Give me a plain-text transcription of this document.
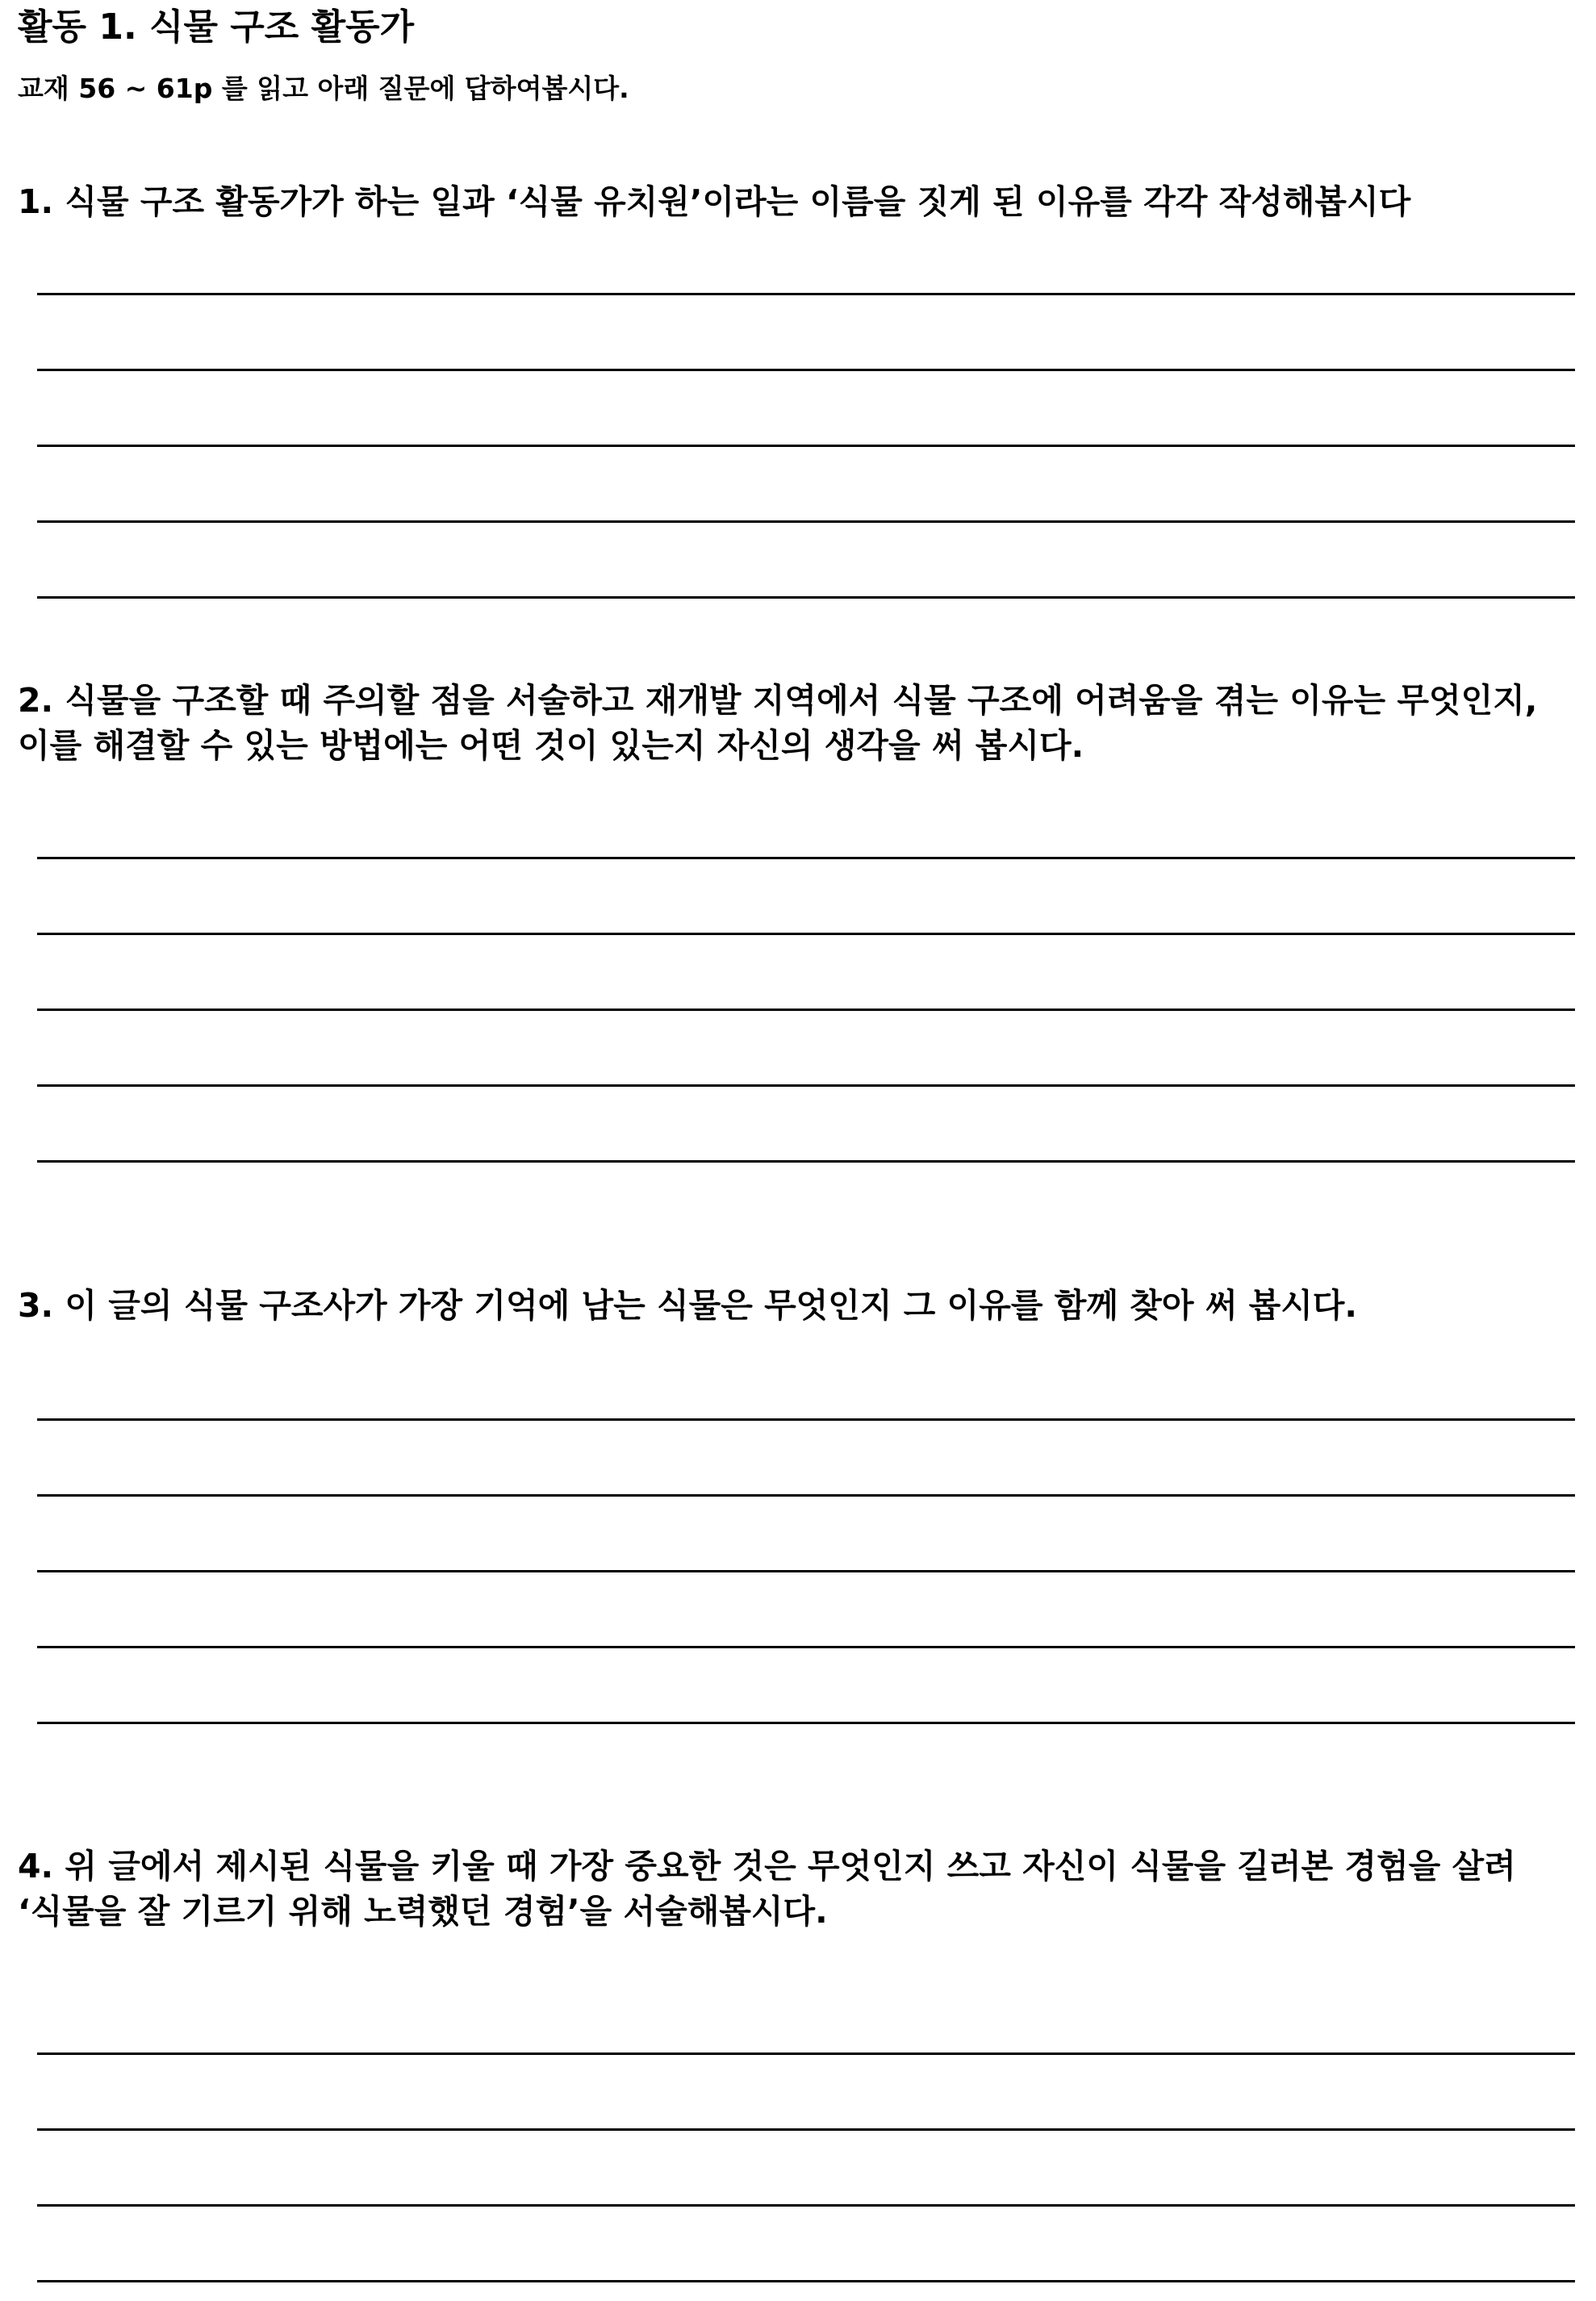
활동 1. 식물 구조 활동가
교재 56 ~ 61p 를 읽고 아래 질문에 답하여봅시다.
1. 식물 구조 활동가가 하는 일과 ‘식물 유치원’이라는 이름을 짓게 된 이유를 각각 작성해봅시다
2. 식물을 구조할 때 주의할 점을 서술하고 재개발 지역에서 식물 구조에 어려움을 겪는 이유는 무엇인지,
이를 해결할 수 있는 방법에는 어떤 것이 있는지 자신의 생각을 써 봅시다.
3. 이 글의 식물 구조사가 가장 기억에 남는 식물은 무엇인지 그 이유를 함께 찾아 써 봅시다.
4. 위 글에서 제시된 식물을 키울 때 가장 중요한 것은 무엇인지 쓰고 자신이 식물을 길러본 경험을 살려
‘식물을 잘 기르기 위해 노력했던 경험’을 서술해봅시다.
